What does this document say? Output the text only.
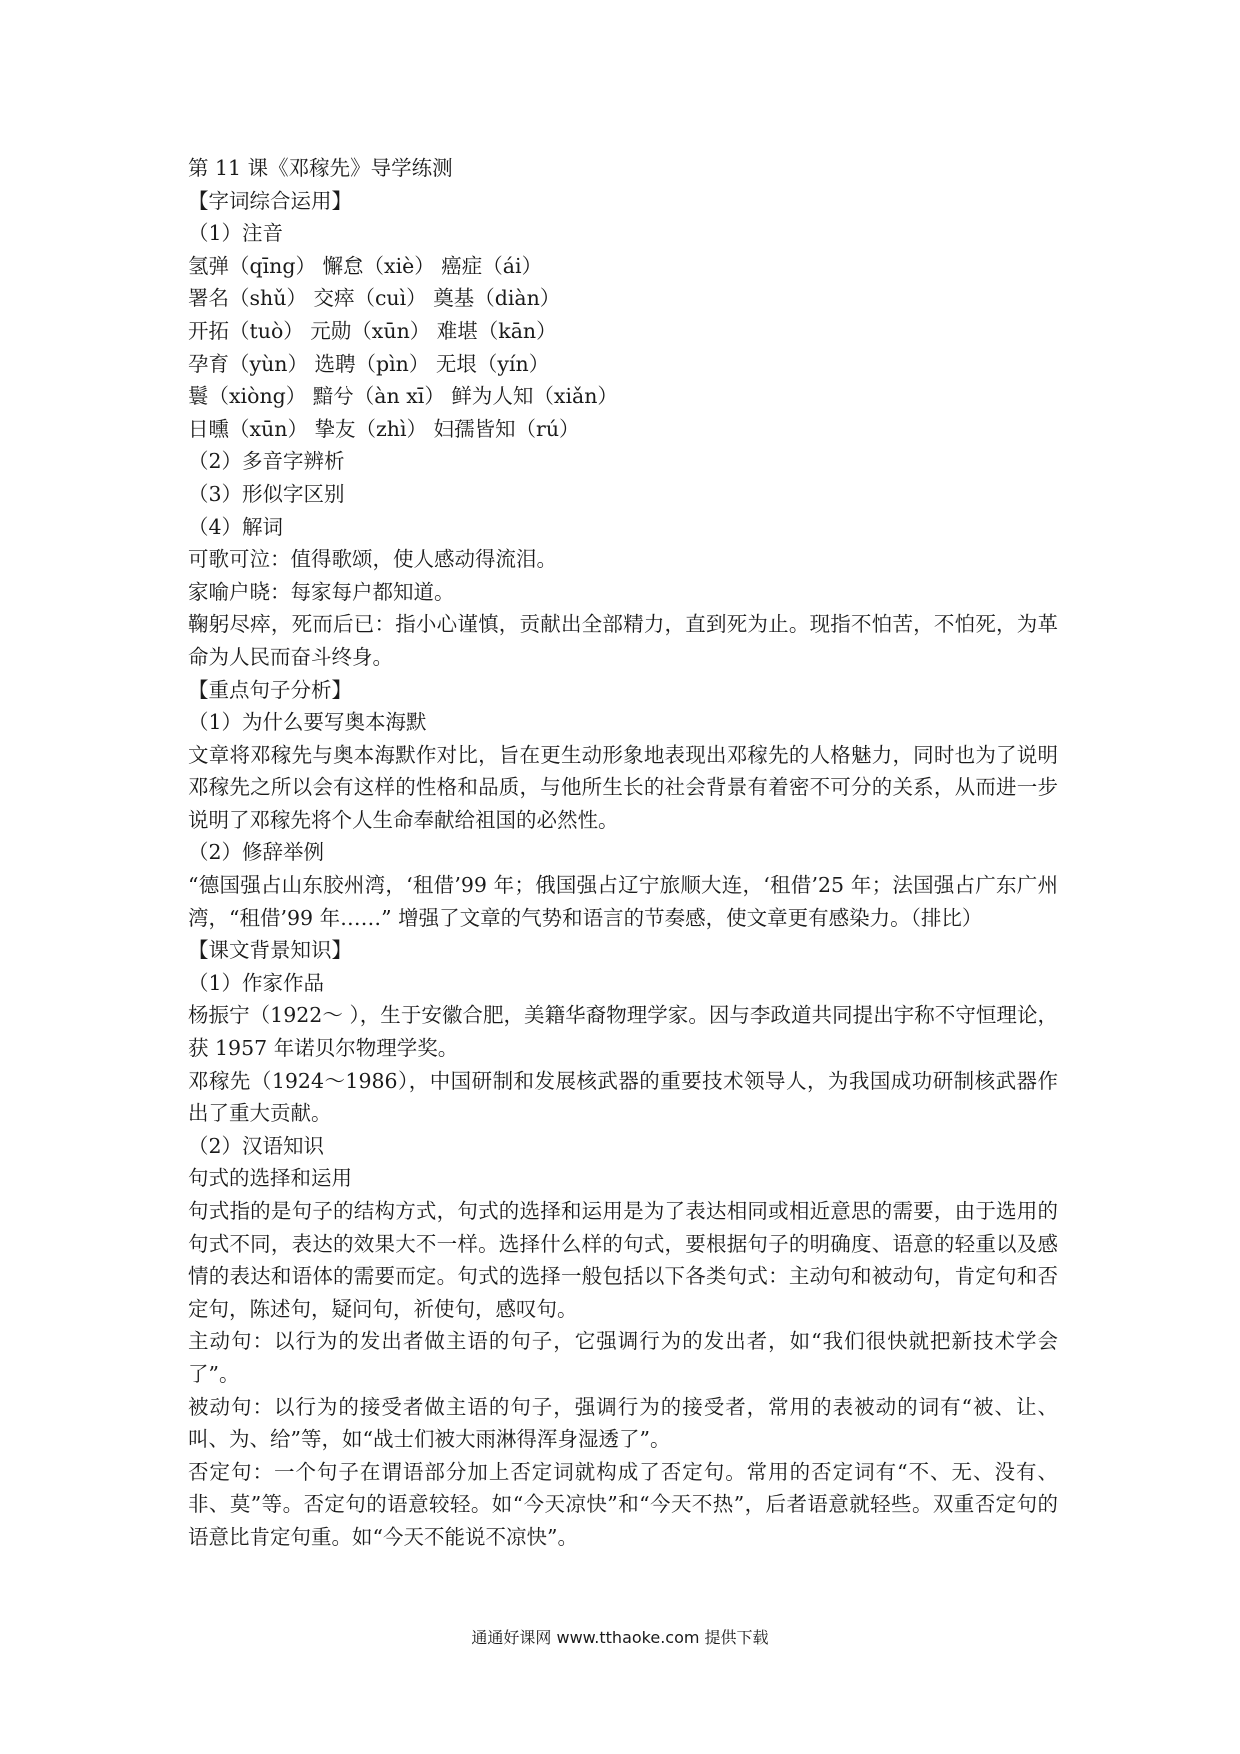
第 11 课《邓稼先》导学练测

【字词综合运用】

（1）注音

氢弹（qīng） 懈怠（xiè） 癌症（ái）

署名（shǔ） 交瘁（cuì） 奠基（diàn）

开拓（tuò） 元勋（xūn） 难堪（kān）

孕育（yùn） 选聘（pìn） 无垠（yín）

鬟（xiòng） 黯兮（àn xī） 鲜为人知（xiǎn）

日曛（xūn） 挚友（zhì） 妇孺皆知（rú）

（2）多音字辨析

（3）形似字区别

（4）解词

可歌可泣：值得歌颂，使人感动得流泪。

家喻户晓：每家每户都知道。

鞠躬尽瘁，死而后已：指小心谨慎，贡献出全部精力，直到死为止。现指不怕苦，不怕死，为革命为人民而奋斗终身。

【重点句子分析】

（1）为什么要写奥本海默

文章将邓稼先与奥本海默作对比，旨在更生动形象地表现出邓稼先的人格魅力，同时也为了说明邓稼先之所以会有这样的性格和品质，与他所生长的社会背景有着密不可分的关系，从而进一步说明了邓稼先将个人生命奉献给祖国的必然性。

（2）修辞举例

“德国强占山东胶州湾，‘租借’99 年；俄国强占辽宁旅顺大连，‘租借’25 年；法国强占广东广州湾，“租借’99 年……” 增强了文章的气势和语言的节奏感，使文章更有感染力。（排比）

【课文背景知识】

（1）作家作品

杨振宁（1922～ ），生于安徽合肥，美籍华裔物理学家。因与李政道共同提出宇称不守恒理论，获 1957 年诺贝尔物理学奖。

邓稼先（1924～1986），中国研制和发展核武器的重要技术领导人，为我国成功研制核武器作出了重大贡献。

（2）汉语知识

句式的选择和运用

句式指的是句子的结构方式，句式的选择和运用是为了表达相同或相近意思的需要，由于选用的句式不同，表达的效果大不一样。选择什么样的句式，要根据句子的明确度、语意的轻重以及感情的表达和语体的需要而定。句式的选择一般包括以下各类句式：主动句和被动句，肯定句和否定句，陈述句，疑问句，祈使句，感叹句。

主动句：以行为的发出者做主语的句子，它强调行为的发出者，如“我们很快就把新技术学会了”。

被动句：以行为的接受者做主语的句子，强调行为的接受者，常用的表被动的词有“被、让、叫、为、给”等，如“战士们被大雨淋得浑身湿透了”。

否定句：一个句子在谓语部分加上否定词就构成了否定句。常用的否定词有“不、无、没有、非、莫”等。否定句的语意较轻。如“今天凉快”和“今天不热”，后者语意就轻些。双重否定句的语意比肯定句重。如“今天不能说不凉快”。

通通好课网 www.tthaoke.com 提供下载
